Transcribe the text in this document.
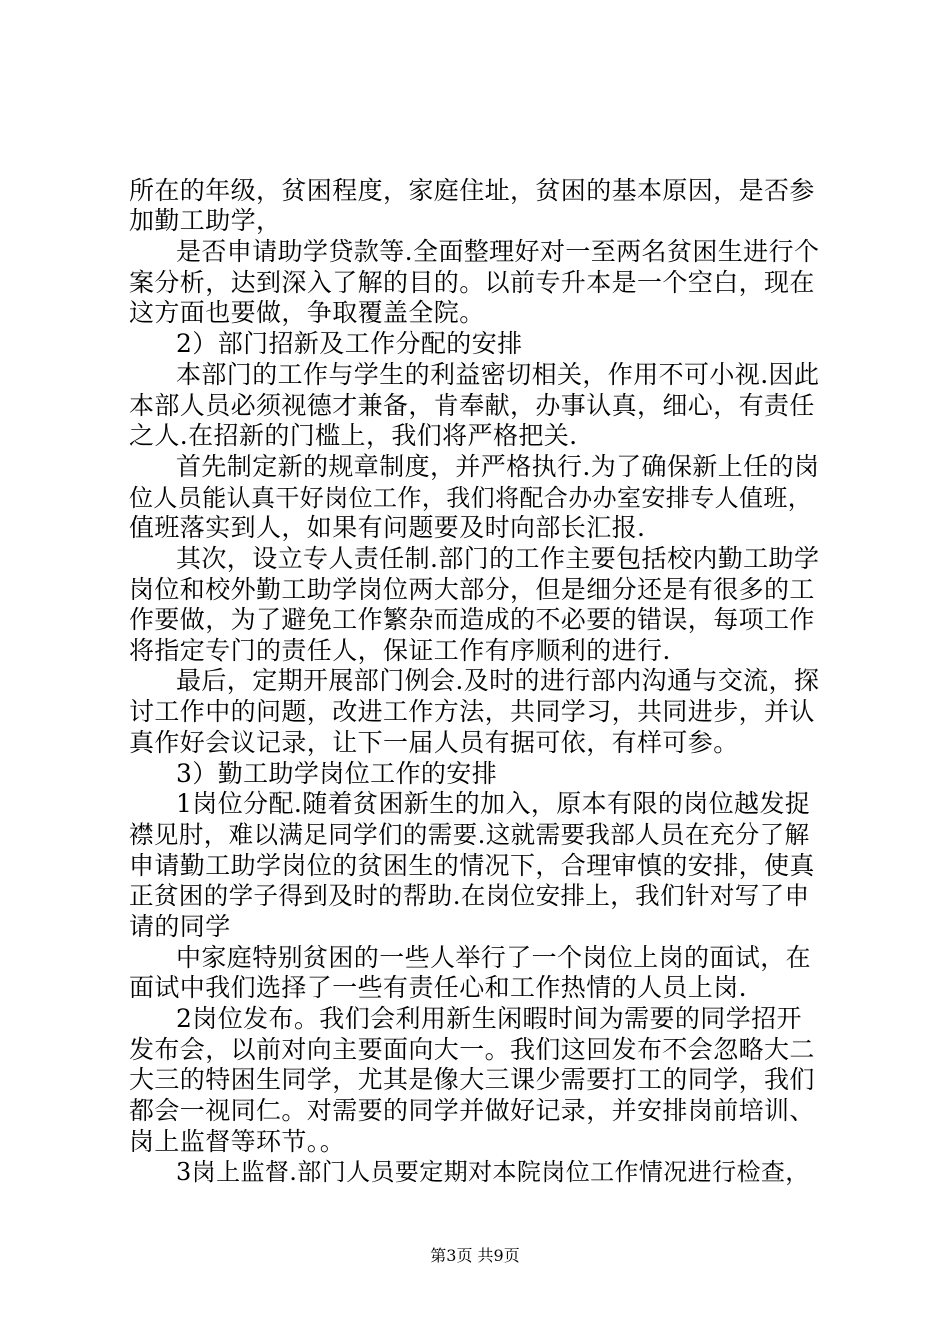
所在的年级，贫困程度，家庭住址，贫困的基本原因，是否参
加勤工助学，
是否申请助学贷款等.全面整理好对一至两名贫困生进行个
案分析，达到深入了解的目的。以前专升本是一个空白，现在
这方面也要做，争取覆盖全院。
2）部门招新及工作分配的安排
本部门的工作与学生的利益密切相关，作用不可小视.因此
本部人员必须视德才兼备，肯奉献，办事认真，细心，有责任
之人.在招新的门槛上，我们将严格把关.
首先制定新的规章制度，并严格执行.为了确保新上任的岗
位人员能认真干好岗位工作，我们将配合办办室安排专人值班，
值班落实到人，如果有问题要及时向部长汇报.
其次，设立专人责任制.部门的工作主要包括校内勤工助学
岗位和校外勤工助学岗位两大部分，但是细分还是有很多的工
作要做，为了避免工作繁杂而造成的不必要的错误，每项工作
将指定专门的责任人，保证工作有序顺利的进行.
最后，定期开展部门例会.及时的进行部内沟通与交流，探
讨工作中的问题，改进工作方法，共同学习，共同进步，并认
真作好会议记录，让下一届人员有据可依，有样可参。
3）勤工助学岗位工作的安排
1岗位分配.随着贫困新生的加入，原本有限的岗位越发捉
襟见肘，难以满足同学们的需要.这就需要我部人员在充分了解
申请勤工助学岗位的贫困生的情况下，合理审慎的安排，使真
正贫困的学子得到及时的帮助.在岗位安排上，我们针对写了申
请的同学
中家庭特别贫困的一些人举行了一个岗位上岗的面试，在
面试中我们选择了一些有责任心和工作热情的人员上岗.
2岗位发布。我们会利用新生闲暇时间为需要的同学招开
发布会，以前对向主要面向大一。我们这回发布不会忽略大二
大三的特困生同学，尤其是像大三课少需要打工的同学，我们
都会一视同仁。对需要的同学并做好记录，并安排岗前培训、
岗上监督等环节。。
3岗上监督.部门人员要定期对本院岗位工作情况进行检查，
第3页 共9页
